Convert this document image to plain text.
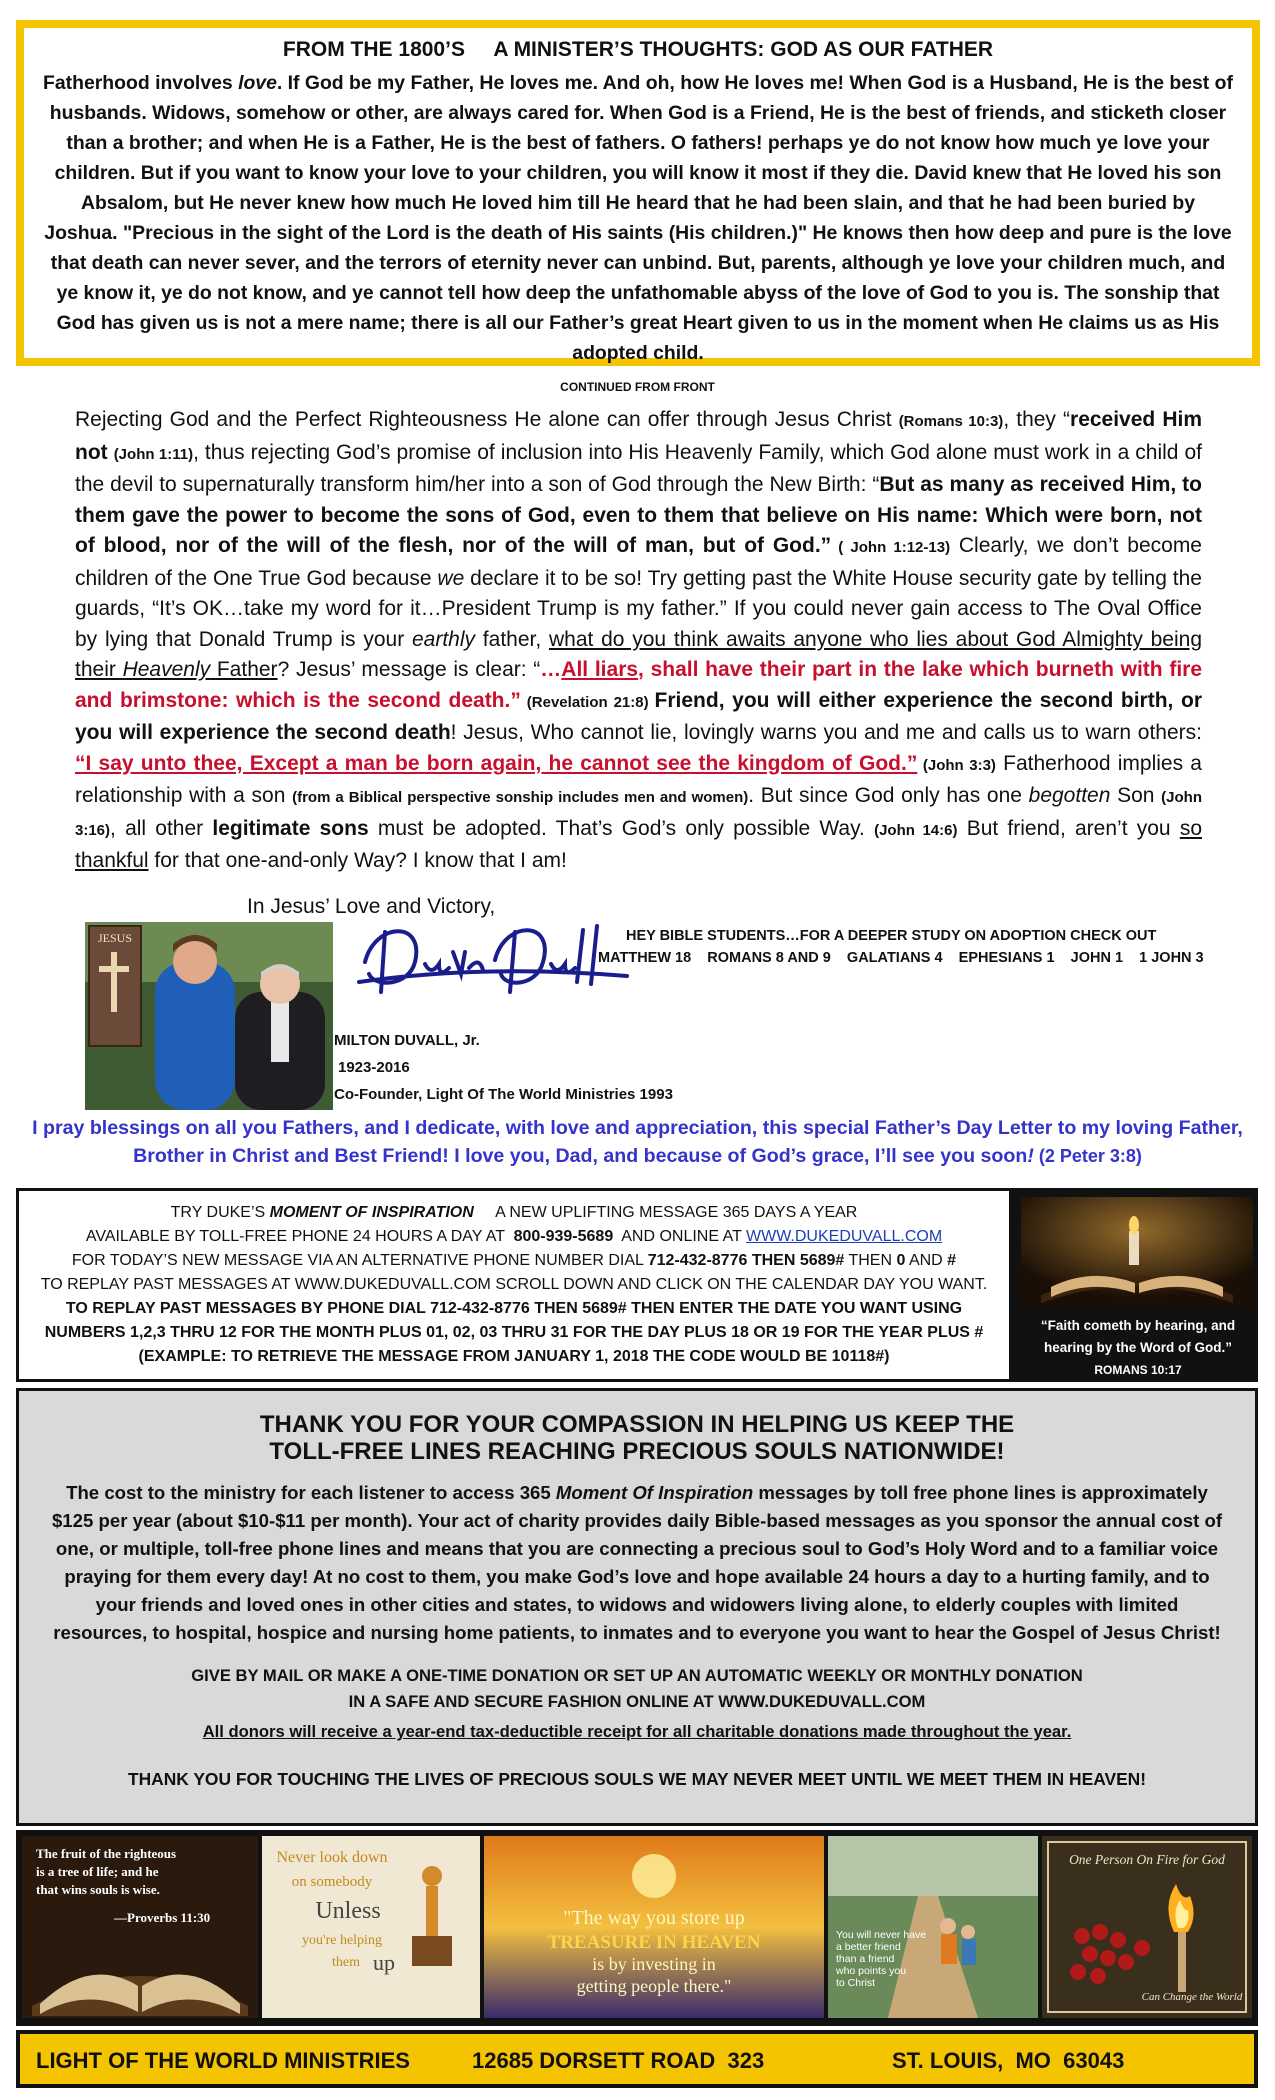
FROM THE 1800’S     A MINISTER’S THOUGHTS: GOD AS OUR FATHER
Fatherhood involves love. If God be my Father, He loves me. And oh, how He loves me! When God is a Husband, He is the best of husbands. Widows, somehow or other, are always cared for. When God is a Friend, He is the best of friends, and sticketh closer than a brother; and when He is a Father, He is the best of fathers. O fathers! perhaps ye do not know how much ye love your children. But if you want to know your love to your children, you will know it most if they die. David knew that He loved his son Absalom, but He never knew how much He loved him till He heard that he had been slain, and that he had been buried by Joshua. "Precious in the sight of the Lord is the death of His saints (His children.)" He knows then how deep and pure is the love that death can never sever, and the terrors of eternity never can unbind. But, parents, although ye love your children much, and ye know it, ye do not know, and ye cannot tell how deep the unfathomable abyss of the love of God to you is. The sonship that God has given us is not a mere name; there is all our Father’s great Heart given to us in the moment when He claims us as His adopted child.
CONTINUED FROM FRONT
Rejecting God and the Perfect Righteousness He alone can offer through Jesus Christ (Romans 10:3), they “received Him not (John 1:11), thus rejecting God’s promise of inclusion into His Heavenly Family, which God alone must work in a child of the devil to supernaturally transform him/her into a son of God through the New Birth: “But as many as received Him, to them gave the power to become the sons of God, even to them that believe on His name: Which were born, not of blood, nor of the will of the flesh, nor of the will of man, but of God.” ( John 1:12-13) Clearly, we don’t become children of the One True God because we declare it to be so! Try getting past the White House security gate by telling the guards, “It’s OK…take my word for it…President Trump is my father.” If you could never gain access to The Oval Office by lying that Donald Trump is your earthly father, what do you think awaits anyone who lies about God Almighty being their Heavenly Father? Jesus’ message is clear: “…All liars, shall have their part in the lake which burneth with fire and brimstone: which is the second death.” (Revelation 21:8) Friend, you will either experience the second birth, or you will experience the second death! Jesus, Who cannot lie, lovingly warns you and me and calls us to warn others: “I say unto thee, Except a man be born again, he cannot see the kingdom of God.” (John 3:3) Fatherhood implies a relationship with a son (from a Biblical perspective sonship includes men and women). But since God only has one begotten Son (John 3:16), all other legitimate sons must be adopted. That’s God’s only possible Way. (John 14:6) But friend, aren’t you so thankful for that one-and-only Way? I know that I am!
In Jesus’ Love and Victory,
JESUS	HEY BIBLE STUDENTS…FOR A DEEPER STUDY ON ADOPTION CHECK OUT
MATTHEW 18    ROMANS 8 AND 9    GALATIANS 4    EPHESIANS 1    JOHN 1    1 JOHN 3
MILTON DUVALL, Jr.
1923-2016
Co-Founder, Light Of The World Ministries 1993
I pray blessings on all you Fathers, and I dedicate, with love and appreciation, this special Father’s Day Letter to my loving Father, Brother in Christ and Best Friend! I love you, Dad, and because of God’s grace, I’ll see you soon! (2 Peter 3:8)
TRY DUKE’S MOMENT OF INSPIRATION     A NEW UPLIFTING MESSAGE 365 DAYS A YEAR
AVAILABLE BY TOLL-FREE PHONE 24 HOURS A DAY AT  800-939-5689  AND ONLINE AT WWW.DUKEDUVALL.COM
FOR TODAY’S NEW MESSAGE VIA AN ALTERNATIVE PHONE NUMBER DIAL 712-432-8776 THEN 5689# THEN 0 AND #
TO REPLAY PAST MESSAGES AT WWW.DUKEDUVALL.COM SCROLL DOWN AND CLICK ON THE CALENDAR DAY YOU WANT.
TO REPLAY PAST MESSAGES BY PHONE DIAL 712-432-8776 THEN 5689# THEN ENTER THE DATE YOU WANT USING
NUMBERS 1,2,3 THRU 12 FOR THE MONTH PLUS 01, 02, 03 THRU 31 FOR THE DAY PLUS 18 OR 19 FOR THE YEAR PLUS #
(EXAMPLE: TO RETRIEVE THE MESSAGE FROM JANUARY 1, 2018 THE CODE WOULD BE 10118#)
“Faith cometh by hearing, and hearing by the Word of God.”
ROMANS 10:17
THANK YOU FOR YOUR COMPASSION IN HELPING US KEEP THE
TOLL-FREE LINES REACHING PRECIOUS SOULS NATIONWIDE!
The cost to the ministry for each listener to access 365 Moment Of Inspiration messages by toll free phone lines is approximately $125 per year (about $10-$11 per month). Your act of charity provides daily Bible-based messages as you sponsor the annual cost of one, or multiple, toll-free phone lines and means that you are connecting a precious soul to God’s Holy Word and to a familiar voice praying for them every day! At no cost to them, you make God’s love and hope available 24 hours a day to a hurting family, and to your friends and loved ones in other cities and states, to widows and widowers living alone, to elderly couples with limited resources, to hospital, hospice and nursing home patients, to inmates and to everyone you want to hear the Gospel of Jesus Christ!
GIVE BY MAIL OR MAKE A ONE-TIME DONATION OR SET UP AN AUTOMATIC WEEKLY OR MONTHLY DONATION
IN A SAFE AND SECURE FASHION ONLINE AT WWW.DUKEDUVALL.COM
All donors will receive a year-end tax-deductible receipt for all charitable donations made throughout the year.
THANK YOU FOR TOUCHING THE LIVES OF PRECIOUS SOULS WE MAY NEVER MEET UNTIL WE MEET THEM IN HEAVEN!
The fruit of the righteous
is a tree of life; and he
that wins souls is wise.
—Proverbs 11:30
Never look down
on somebody
Unless
you're helping
them up
"The way you store up
TREASURE IN HEAVEN
is by investing in
getting people there."
You will never have
a better friend
than a friend
who points you
to Christ
One Person On Fire for God
Can Change the World
LIGHT OF THE WORLD MINISTRIES	12685 DORSETT ROAD  323	ST. LOUIS,  MO  63043
